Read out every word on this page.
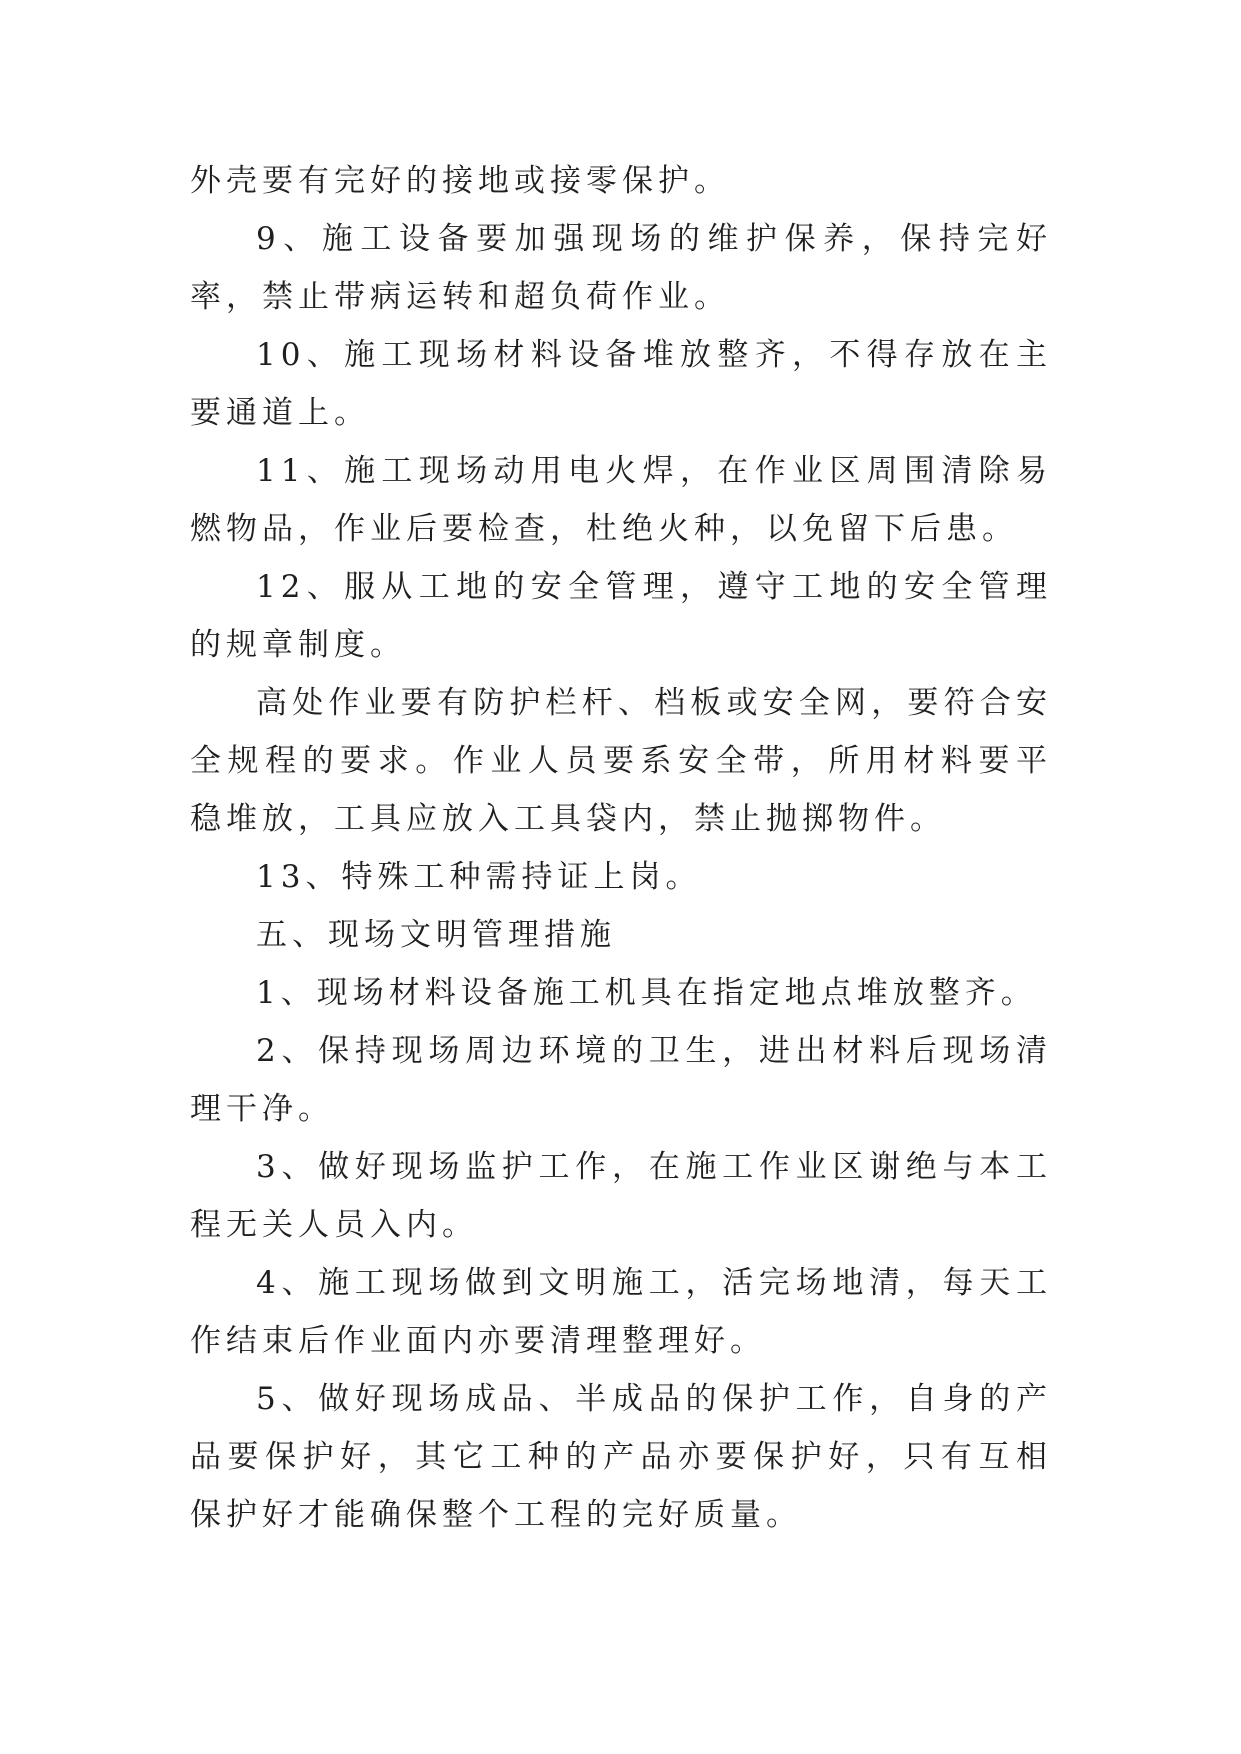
外壳要有完好的接地或接零保护。

9、施工设备要加强现场的维护保养，保持完好率，禁止带病运转和超负荷作业。

10、施工现场材料设备堆放整齐，不得存放在主要通道上。

11、施工现场动用电火焊，在作业区周围清除易燃物品，作业后要检查，杜绝火种，以免留下后患。

12、服从工地的安全管理，遵守工地的安全管理的规章制度。

高处作业要有防护栏杆、档板或安全网，要符合安全规程的要求。作业人员要系安全带，所用材料要平稳堆放，工具应放入工具袋内，禁止抛掷物件。

13、特殊工种需持证上岗。

五、现场文明管理措施

1、现场材料设备施工机具在指定地点堆放整齐。

2、保持现场周边环境的卫生，进出材料后现场清理干净。

3、做好现场监护工作，在施工作业区谢绝与本工程无关人员入内。

4、施工现场做到文明施工，活完场地清，每天工作结束后作业面内亦要清理整理好。

5、做好现场成品、半成品的保护工作，自身的产品要保护好，其它工种的产品亦要保护好，只有互相保护好才能确保整个工程的完好质量。
